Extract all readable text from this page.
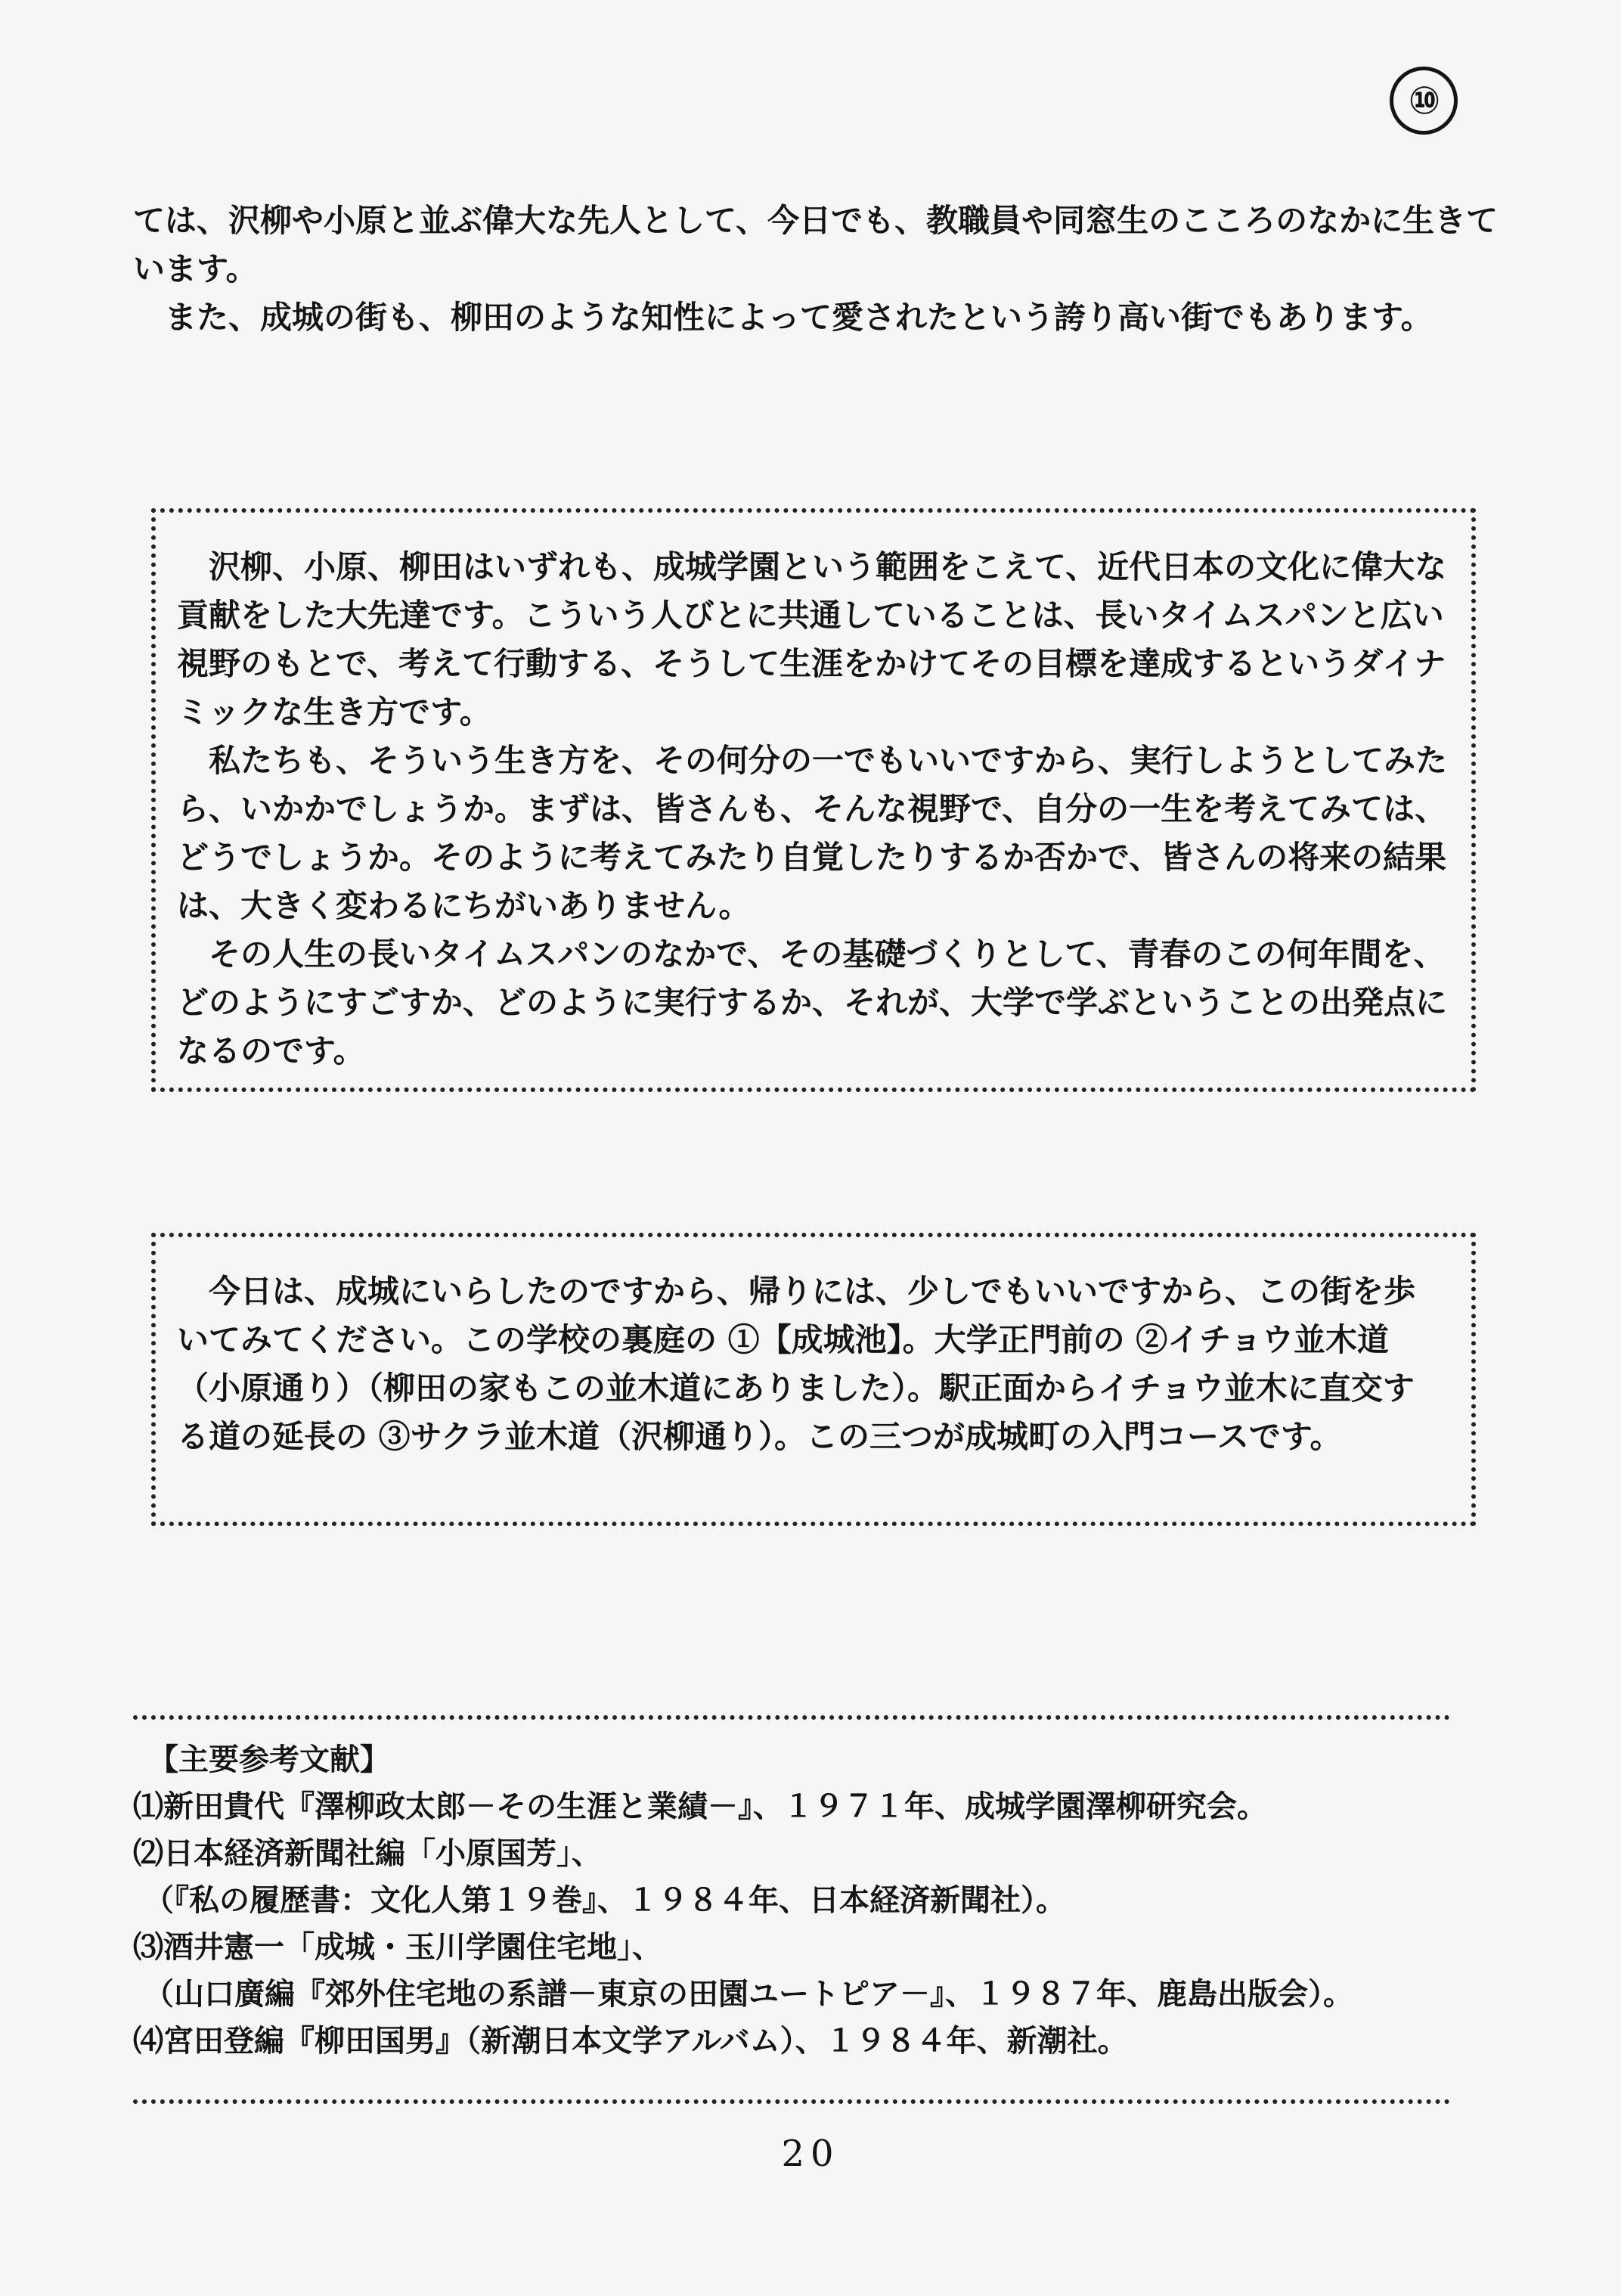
⑩

ては、沢柳や小原と並ぶ偉大な先人として、今日でも、教職員や同窓生のこころのなかに生きています。

また、成城の街も、柳田のような知性によって愛されたという誇り高い街でもあります。

沢柳、小原、柳田はいずれも、成城学園という範囲をこえて、近代日本の文化に偉大な貢献をした大先達です。こういう人びとに共通していることは、長いタイムスパンと広い視野のもとで、考えて行動する、そうして生涯をかけてその目標を達成するというダイナミックな生き方です。

私たちも、そういう生き方を、その何分の一でもいいですから、実行しようとしてみたら、いかかでしょうか。まずは、皆さんも、そんな視野で、自分の一生を考えてみては、どうでしょうか。そのように考えてみたり自覚したりするか否かで、皆さんの将来の結果は、大きく変わるにちがいありません。

その人生の長いタイムスパンのなかで、その基礎づくりとして、青春のこの何年間を、どのようにすごすか、どのように実行するか、それが、大学で学ぶということの出発点になるのです。

今日は、成城にいらしたのですから、帰りには、少しでもいいですから、この街を歩いてみてください。この学校の裏庭の ①【成城池】。大学正門前の ②イチョウ並木道（小原通り）（柳田の家もこの並木道にありました）。駅正面からイチョウ並木に直交する道の延長の ③サクラ並木道（沢柳通り）。この三つが成城町の入門コースです。

【主要参考文献】

⑴新田貴代『澤柳政太郎－その生涯と業績－』、１９７１年、成城学園澤柳研究会。
⑵日本経済新聞社編「小原国芳」、
（『私の履歴書：文化人第１９巻』、１９８４年、日本経済新聞社）。
⑶酒井憲一「成城・玉川学園住宅地」、
（山口廣編『郊外住宅地の系譜－東京の田園ユートピア－』、１９８７年、鹿島出版会）。
⑷宮田登編『柳田国男』（新潮日本文学アルバム）、１９８４年、新潮社。
20
